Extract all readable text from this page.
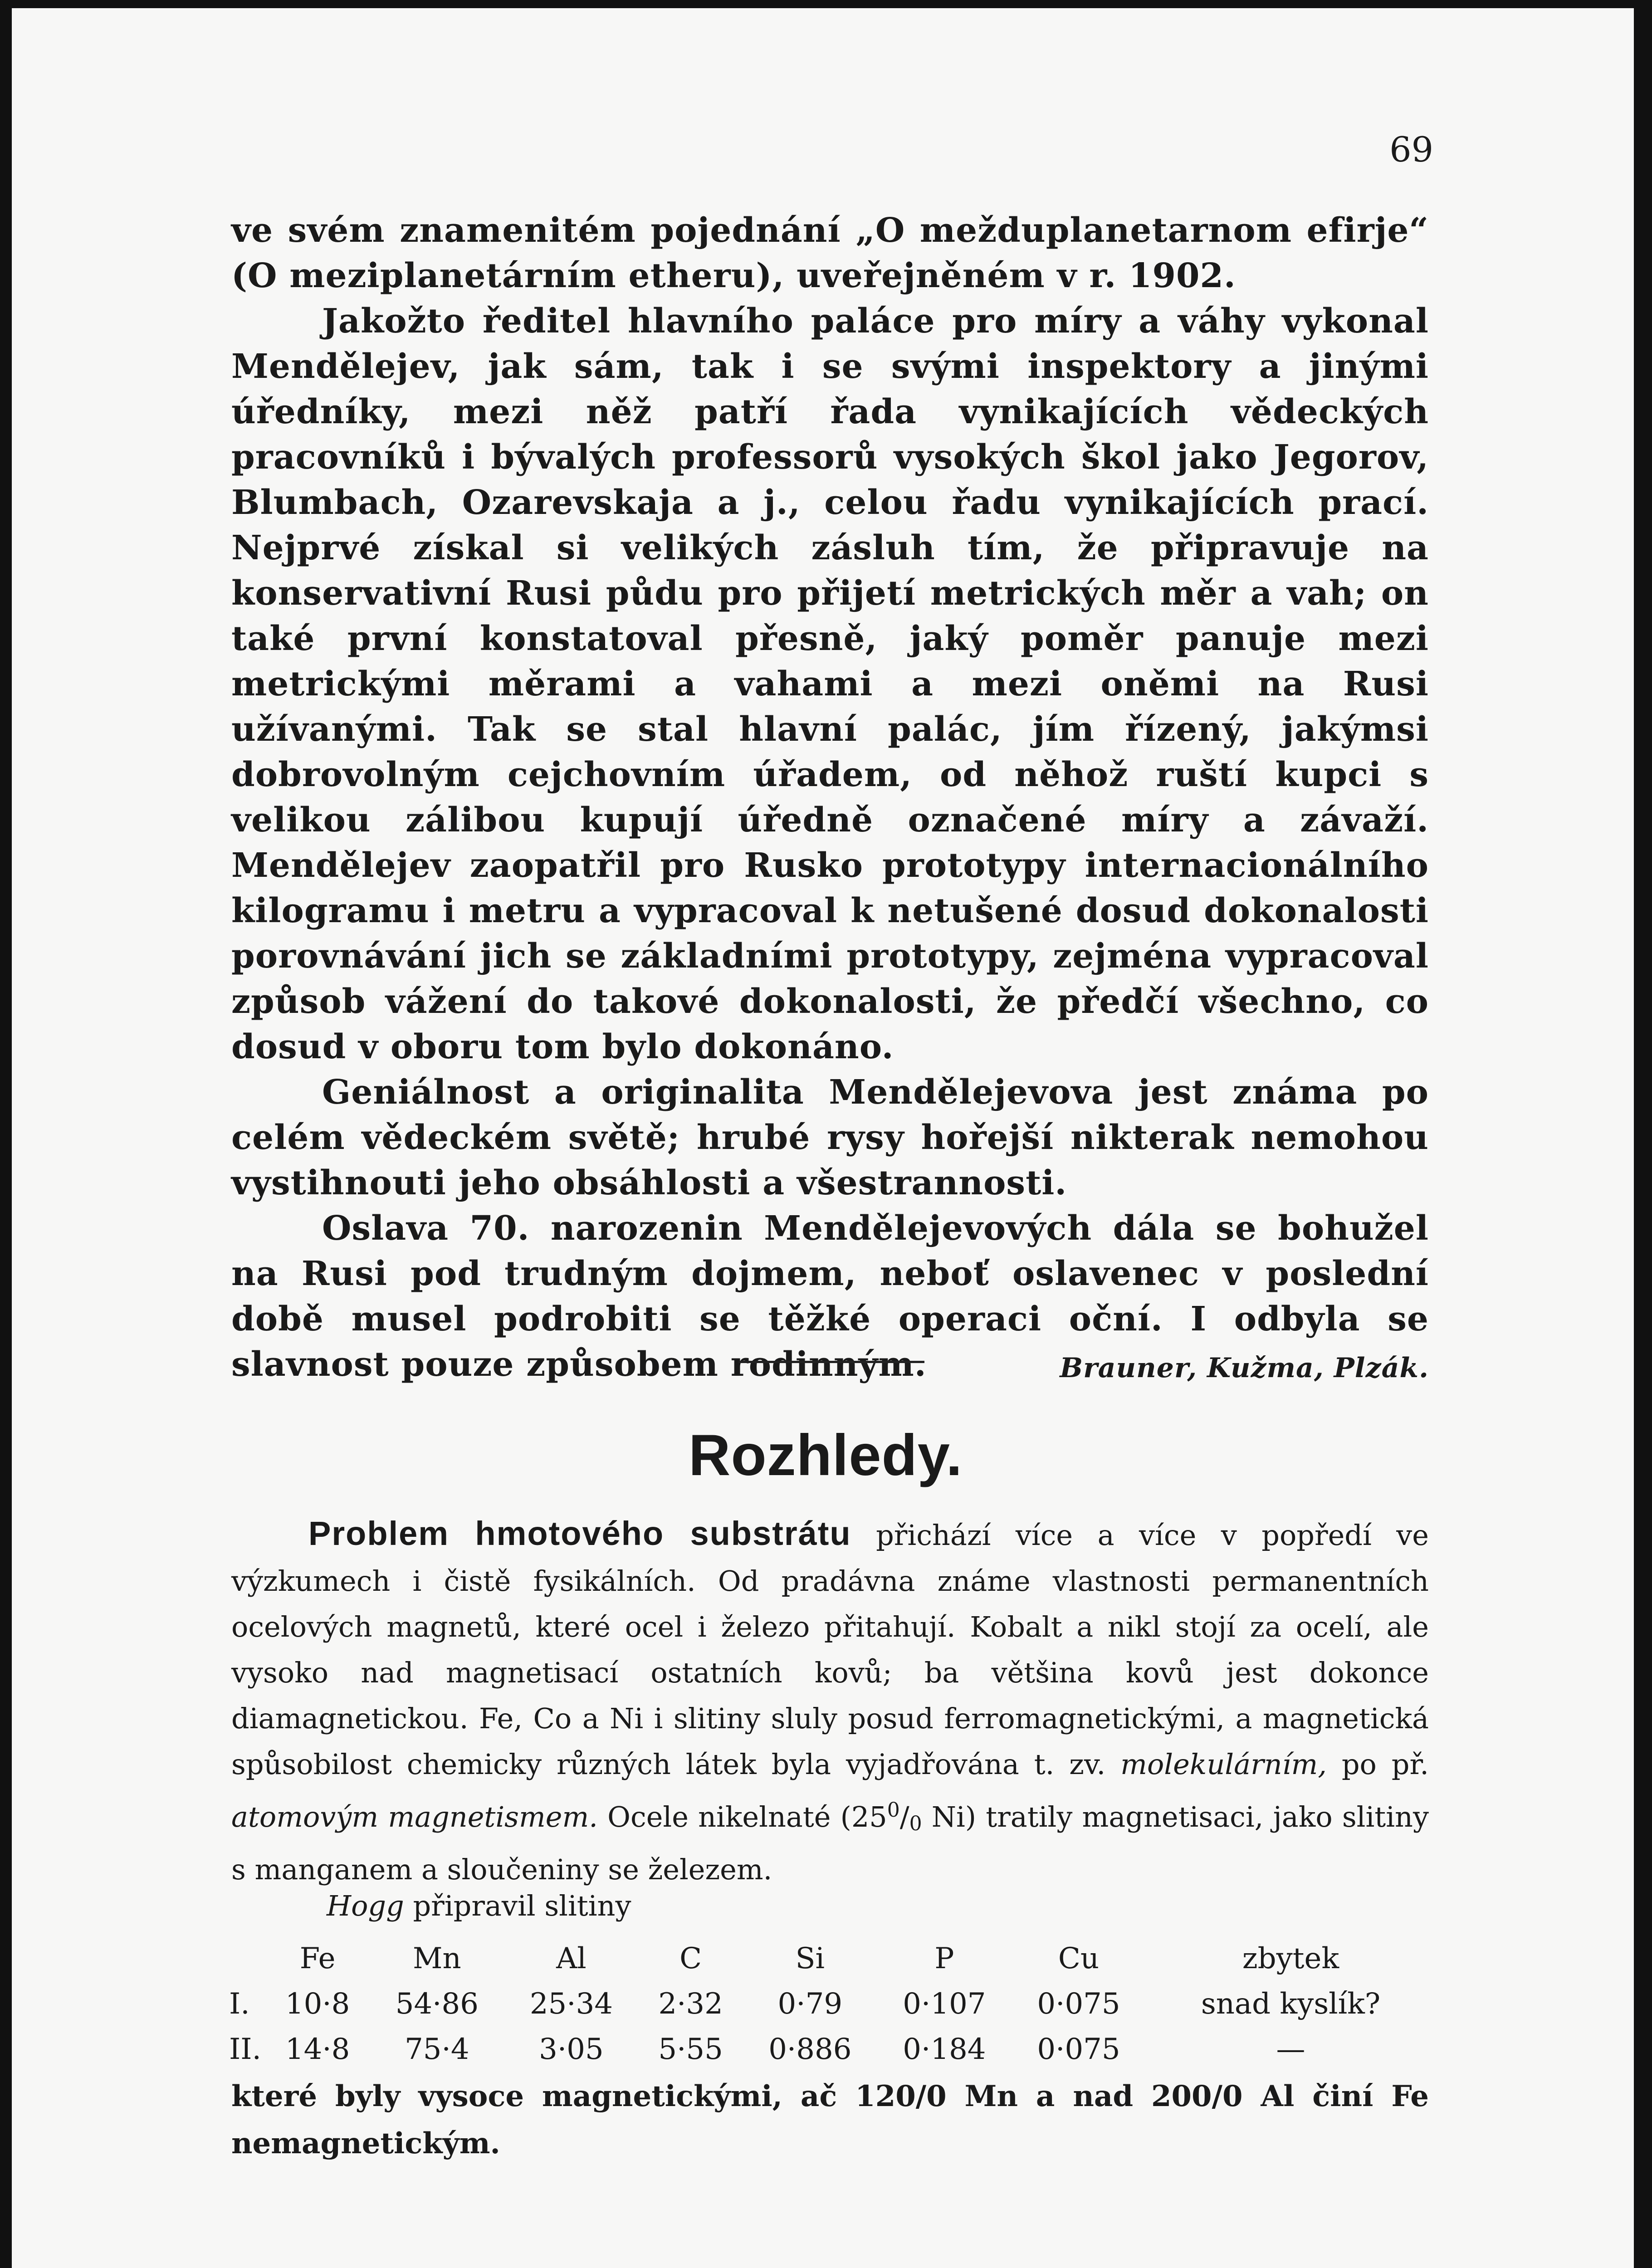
69

ve svém znamenitém pojednání „O mežduplanetarnom efirje“ (O meziplanetárním etheru), uveřejněném v r. 1902.

Jakožto ředitel hlavního paláce pro míry a váhy vykonal Mendělejev, jak sám, tak i se svými inspektory a jinými úředníky, mezi něž patří řada vynikajících vědeckých pracovníků i bývalých professorů vysokých škol jako Jegorov, Blumbach, Ozarevskaja a j., celou řadu vynikajících prací. Nejprvé získal si velikých zásluh tím, že připravuje na konservativní Rusi půdu pro přijetí metrických měr a vah; on také první konstatoval přesně, jaký poměr panuje mezi metrickými měrami a vahami a mezi oněmi na Rusi užívanými. Tak se stal hlavní palác, jím řízený, jakýmsi dobrovolným cejchovním úřadem, od něhož ruští kupci s velikou zálibou kupují úředně označené míry a závaží. Mendělejev zaopatřil pro Rusko prototypy internacionálního kilogramu i metru a vypracoval k netušené dosud dokonalosti porovnávání jich se základními prototypy, zejména vypracoval způsob vážení do takové dokonalosti, že předčí všechno, co dosud v oboru tom bylo dokonáno.

Geniálnost a originalita Mendělejevova jest známa po celém vědeckém světě; hrubé rysy hořejší nikterak nemohou vystihnouti jeho obsáhlosti a všestrannosti.

Oslava 70. narozenin Mendělejevových dála se bohužel na Rusi pod trudným dojmem, neboť oslavenec v poslední době musel podrobiti se těžké operaci oční. I odbyla se slavnost pouze způsobem rodinným.	Brauner, Kužma, Plzák.

Rozhledy.

Problem hmotového substrátu přichází více a více v popředí ve výzkumech i čistě fysikálních. Od pradávna známe vlastnosti permanentních ocelových magnetů, které ocel i železo přitahují. Kobalt a nikl stojí za ocelí, ale vysoko nad magnetisací ostatních kovů; ba většina kovů jest dokonce diamagnetickou. Fe, Co a Ni i slitiny sluly posud ferromagnetickými, a magnetická spůsobilost chemicky různých látek byla vyjadřována t. zv. molekulárním, po př. atomovým magnetismem. Ocele nikelnaté ($25^0/_0$ Ni) tratily magnetisaci, jako slitiny s manganem a sloučeniny se železem.

Hogg připravil slitiny
	Fe	Mn	Al	C	Si	P	Cu	zbytek
I.	10·8	54·86	25·34	2·32	0·79	0·107	0·075	snad kyslík?
II.	14·8	75·4	3·05	5·55	0·886	0·184	0·075	—
které byly vysoce magnetickými, ač 120/0 Mn a nad 200/0 Al činí Fe nemagnetickým.
